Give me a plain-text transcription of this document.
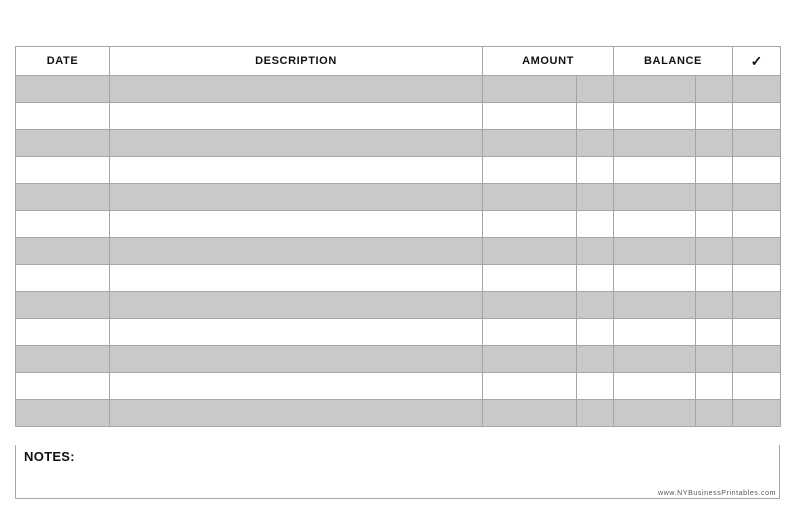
DATE	DESCRIPTION	AMOUNT		BALANCE		✓

NOTES:
www.NYBusinessPrintables.com
